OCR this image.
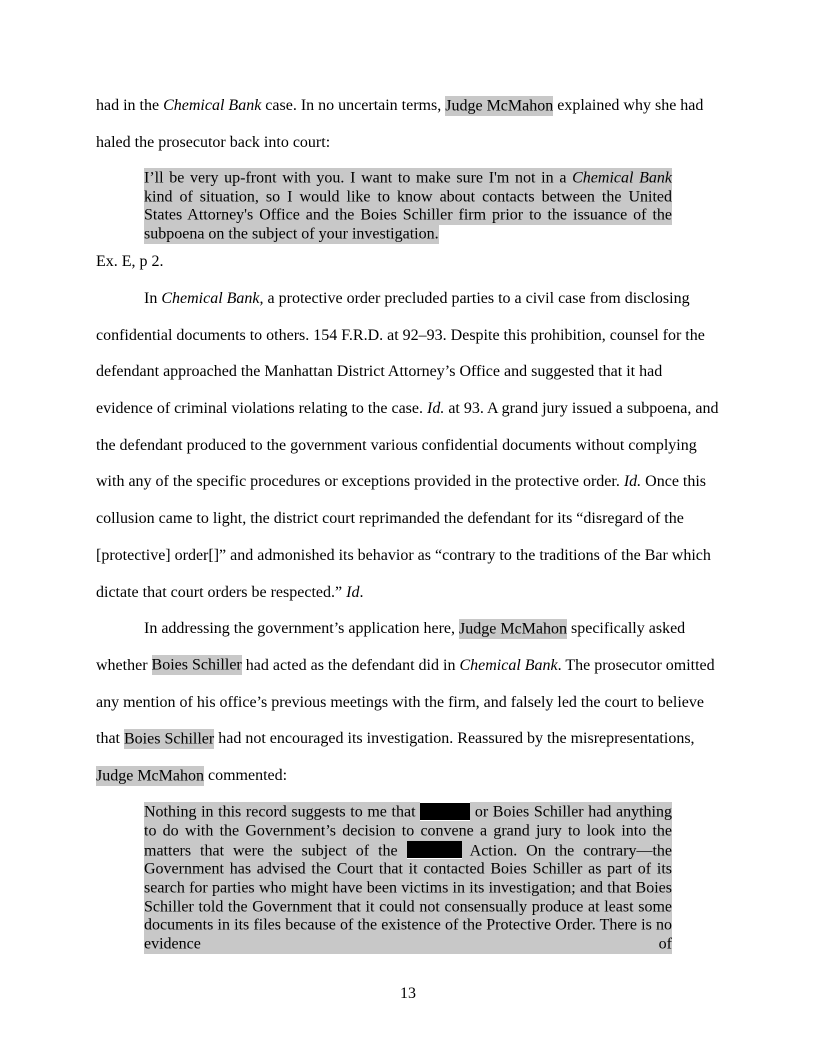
had in the Chemical Bank case. In no uncertain terms, Judge McMahon explained why she had haled the prosecutor back into court:
I’ll be very up-front with you. I want to make sure I'm not in a Chemical Bank kind of situation, so I would like to know about contacts between the United States Attorney's Office and the Boies Schiller firm prior to the issuance of the subpoena on the subject of your investigation.
Ex. E, p 2.
In Chemical Bank, a protective order precluded parties to a civil case from disclosing confidential documents to others. 154 F.R.D. at 92–93. Despite this prohibition, counsel for the defendant approached the Manhattan District Attorney’s Office and suggested that it had evidence of criminal violations relating to the case. Id. at 93. A grand jury issued a subpoena, and the defendant produced to the government various confidential documents without complying with any of the specific procedures or exceptions provided in the protective order. Id. Once this collusion came to light, the district court reprimanded the defendant for its “disregard of the [protective] order[]” and admonished its behavior as “contrary to the traditions of the Bar which dictate that court orders be respected.” Id.
In addressing the government’s application here, Judge McMahon specifically asked whether Boies Schiller had acted as the defendant did in Chemical Bank. The prosecutor omitted any mention of his office’s previous meetings with the firm, and falsely led the court to believe that Boies Schiller had not encouraged its investigation. Reassured by the misrepresentations, Judge McMahon commented:
Nothing in this record suggests to me that	or Boies Schiller had anything to do with the Government’s decision to convene a grand jury to look into the matters that were the subject of the	Action. On the contrary—the Government has advised the Court that it contacted Boies Schiller as part of its search for parties who might have been victims in its investigation; and that Boies Schiller told the Government that it could not consensually produce at least some documents in its files because of the existence of the Protective Order. There is no evidence of
13
